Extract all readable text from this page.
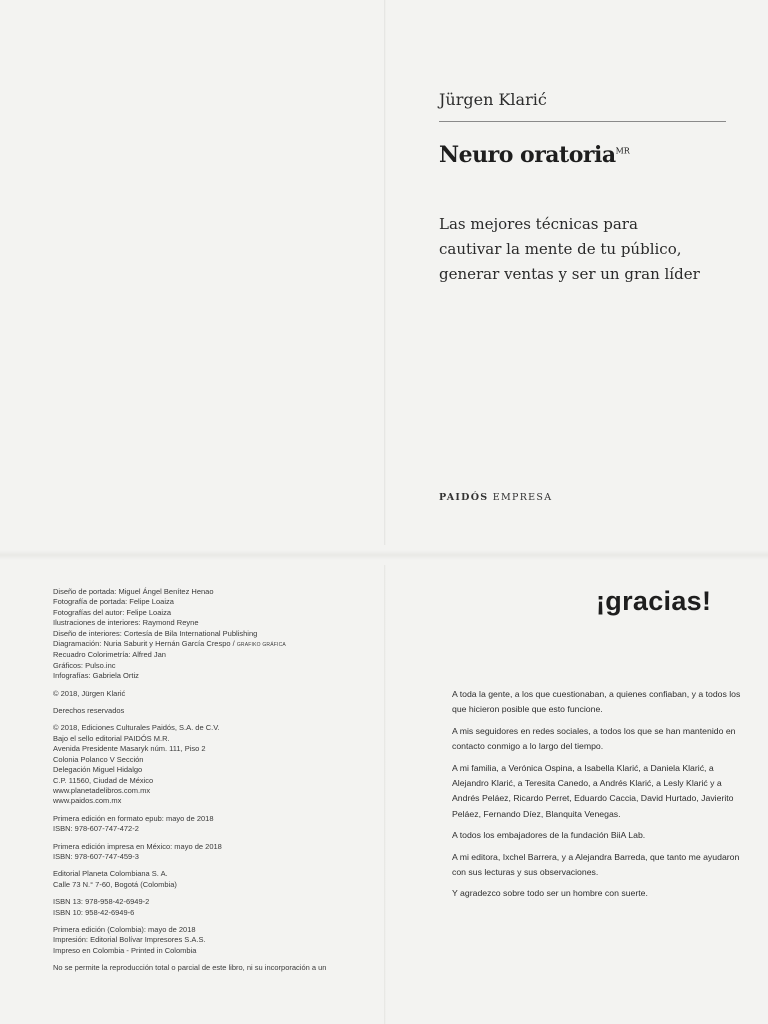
Jürgen Klarić
Neuro oratoria$^{MR}$
Las mejores técnicas para
cautivar la mente de tu público,
generar ventas y ser un gran líder
PAIDÓS EMPRESA
Diseño de portada: Miguel Ángel Benítez Henao
Fotografía de portada: Felipe Loaiza
Fotografías del autor: Felipe Loaiza
Ilustraciones de interiores: Raymond Reyne
Diseño de interiores: Cortesía de Bila International Publishing
Diagramación: Nuria Saburit y Hernán García Crespo / GRAFIKO GRÁFICA
Recuadro Colorimetría: Alfred Jan
Gráficos: Pulso.inc
Infografías: Gabriela Ortiz
© 2018, Jürgen Klarić
Derechos reservados
© 2018, Ediciones Culturales Paidós, S.A. de C.V.
Bajo el sello editorial PAIDÓS M.R.
Avenida Presidente Masaryk núm. 111, Piso 2
Colonia Polanco V Sección
Delegación Miguel Hidalgo
C.P. 11560, Ciudad de México
www.planetadelibros.com.mx
www.paidos.com.mx
Primera edición en formato epub: mayo de 2018
ISBN: 978-607-747-472-2
Primera edición impresa en México: mayo de 2018
ISBN: 978-607-747-459-3
Editorial Planeta Colombiana S. A.
Calle 73 N.° 7-60, Bogotá (Colombia)
ISBN 13: 978-958-42-6949-2
ISBN 10: 958-42-6949-6
Primera edición (Colombia): mayo de 2018
Impresión: Editorial Bolívar Impresores S.A.S.
Impreso en Colombia - Printed in Colombia
No se permite la reproducción total o parcial de este libro, ni su incorporación a un
¡gracias!

A toda la gente, a los que cuestionaban, a quienes confiaban, y a todos los que hicieron posible que esto funcione.

A mis seguidores en redes sociales, a todos los que se han mantenido en contacto conmigo a lo largo del tiempo.

A mi familia, a Verónica Ospina, a Isabella Klarić, a Daniela Klarić, a Alejandro Klarić, a Teresita Canedo, a Andrés Klarić, a Lesly Klarić y a Andrés Peláez, Ricardo Perret, Eduardo Caccia, David Hurtado, Javierito Peláez, Fernando Díez, Blanquita Venegas.

A todos los embajadores de la fundación BiiA Lab.

A mi editora, Ixchel Barrera, y a Alejandra Barreda, que tanto me ayudaron con sus lecturas y sus observaciones.

Y agradezco sobre todo ser un hombre con suerte.
